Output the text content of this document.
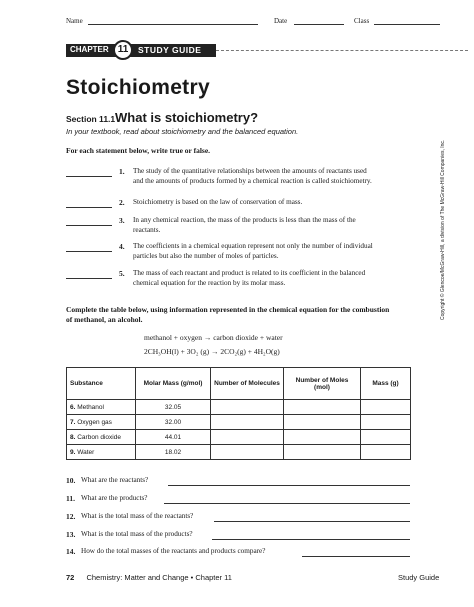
Name	Date	Class
CHAPTER 11	STUDY GUIDE
Stoichiometry
Section 11.1 What is stoichiometry?
In your textbook, read about stoichiometry and the balanced equation.
For each statement below, write true or false.
1. The study of the quantitative relationships between the amounts of reactants used and the amounts of products formed by a chemical reaction is called stoichiometry.
2. Stoichiometry is based on the law of conservation of mass.
3. In any chemical reaction, the mass of the products is less than the mass of the reactants.
4. The coefficients in a chemical equation represent not only the number of individual particles but also the number of moles of particles.
5. The mass of each reactant and product is related to its coefficient in the balanced chemical equation for the reaction by its molar mass.
Complete the table below, using information represented in the chemical equation for the combustion of methanol, an alcohol.
methanol + oxygen → carbon dioxide + water
2CH₃OH(l) + 3O₂ (g) → 2CO₂(g) + 4H₂O(g)
Substance	Molar Mass (g/mol)	Number of Molecules	Number of Moles (mol)	Mass (g)
6. Methanol	32.05			
7. Oxygen gas	32.00			
8. Carbon dioxide	44.01			
9. Water	18.02			
10. What are the reactants?
11. What are the products?
12. What is the total mass of the reactants?
13. What is the total mass of the products?
14. How do the total masses of the reactants and products compare?
72 Chemistry: Matter and Change • Chapter 11	Study Guide
Copyright © Glencoe/McGraw-Hill, a division of The McGraw-Hill Companies, Inc.
